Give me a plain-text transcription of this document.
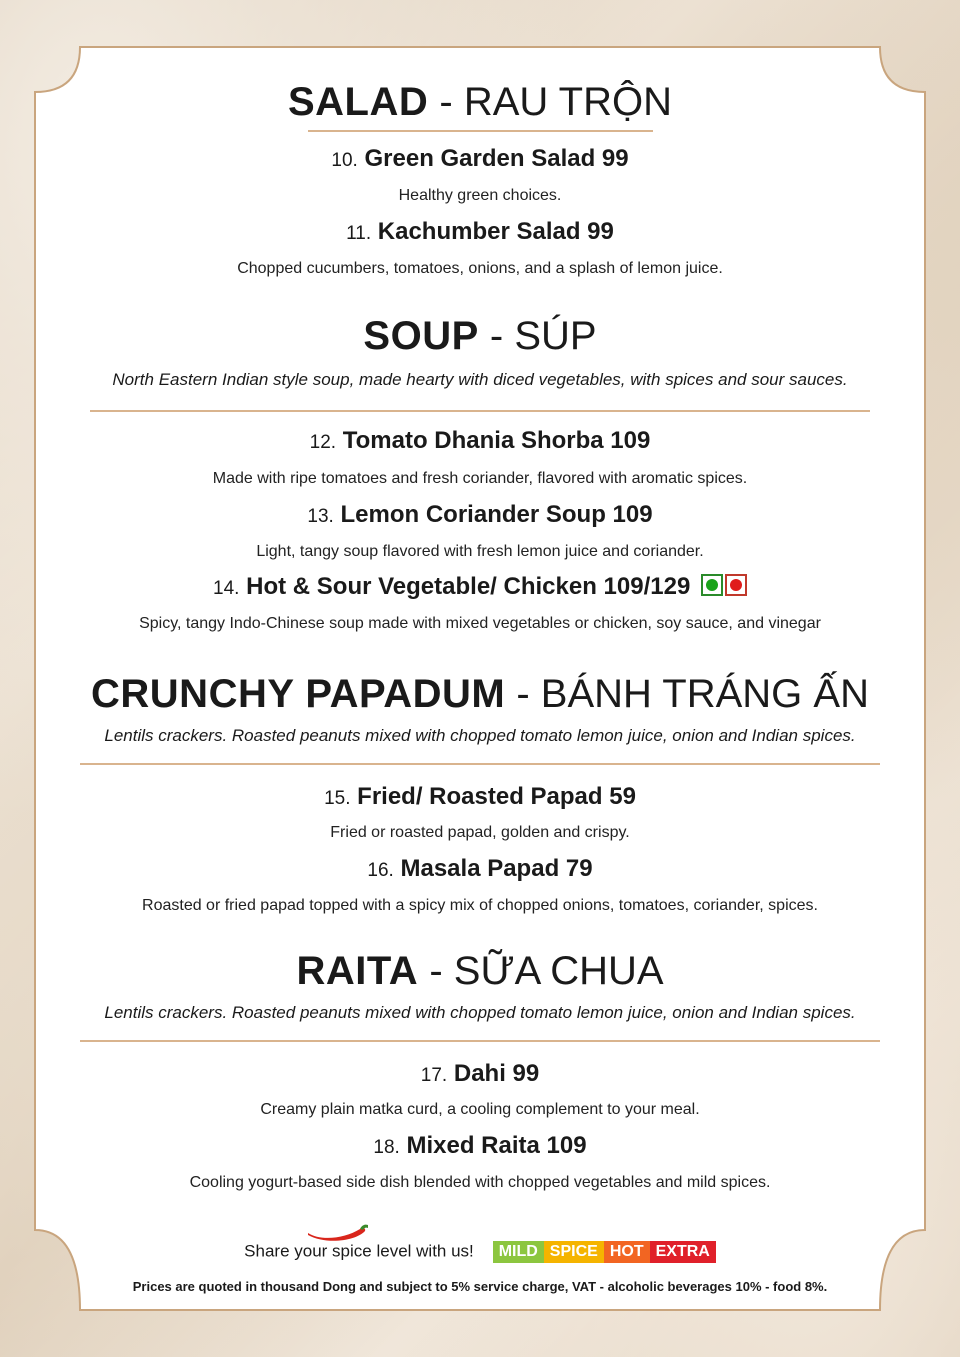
SALAD - RAU TRỘN
10. Green Garden Salad 99
Healthy green choices.
11. Kachumber Salad 99
Chopped cucumbers, tomatoes, onions, and a splash of lemon juice.
SOUP - SÚP
North Eastern Indian style soup, made hearty with diced vegetables, with spices and sour sauces.
12. Tomato Dhania Shorba 109
Made with ripe tomatoes and fresh coriander, flavored with aromatic spices.
13. Lemon Coriander Soup 109
Light, tangy soup flavored with fresh lemon juice and coriander.
14. Hot & Sour Vegetable/ Chicken 109/129
Spicy, tangy Indo-Chinese soup made with mixed vegetables or chicken, soy sauce, and vinegar
CRUNCHY PAPADUM - BÁNH TRÁNG ẤN
Lentils crackers. Roasted peanuts mixed with chopped tomato lemon juice, onion and Indian spices.
15. Fried/ Roasted Papad 59
Fried or roasted papad, golden and crispy.
16. Masala Papad 79
Roasted or fried papad topped with a spicy mix of chopped onions, tomatoes, coriander, spices.
RAITA - SỮA CHUA
Lentils crackers. Roasted peanuts mixed with chopped tomato lemon juice, onion and Indian spices.
17. Dahi 99
Creamy plain matka curd, a cooling complement to your meal.
18. Mixed Raita 109
Cooling yogurt-based side dish blended with chopped vegetables and mild spices.
Share your spice level with us! MILD SPICE HOT EXTRA
Prices are quoted in thousand Dong and subject to 5% service charge, VAT - alcoholic beverages 10% - food 8%.
